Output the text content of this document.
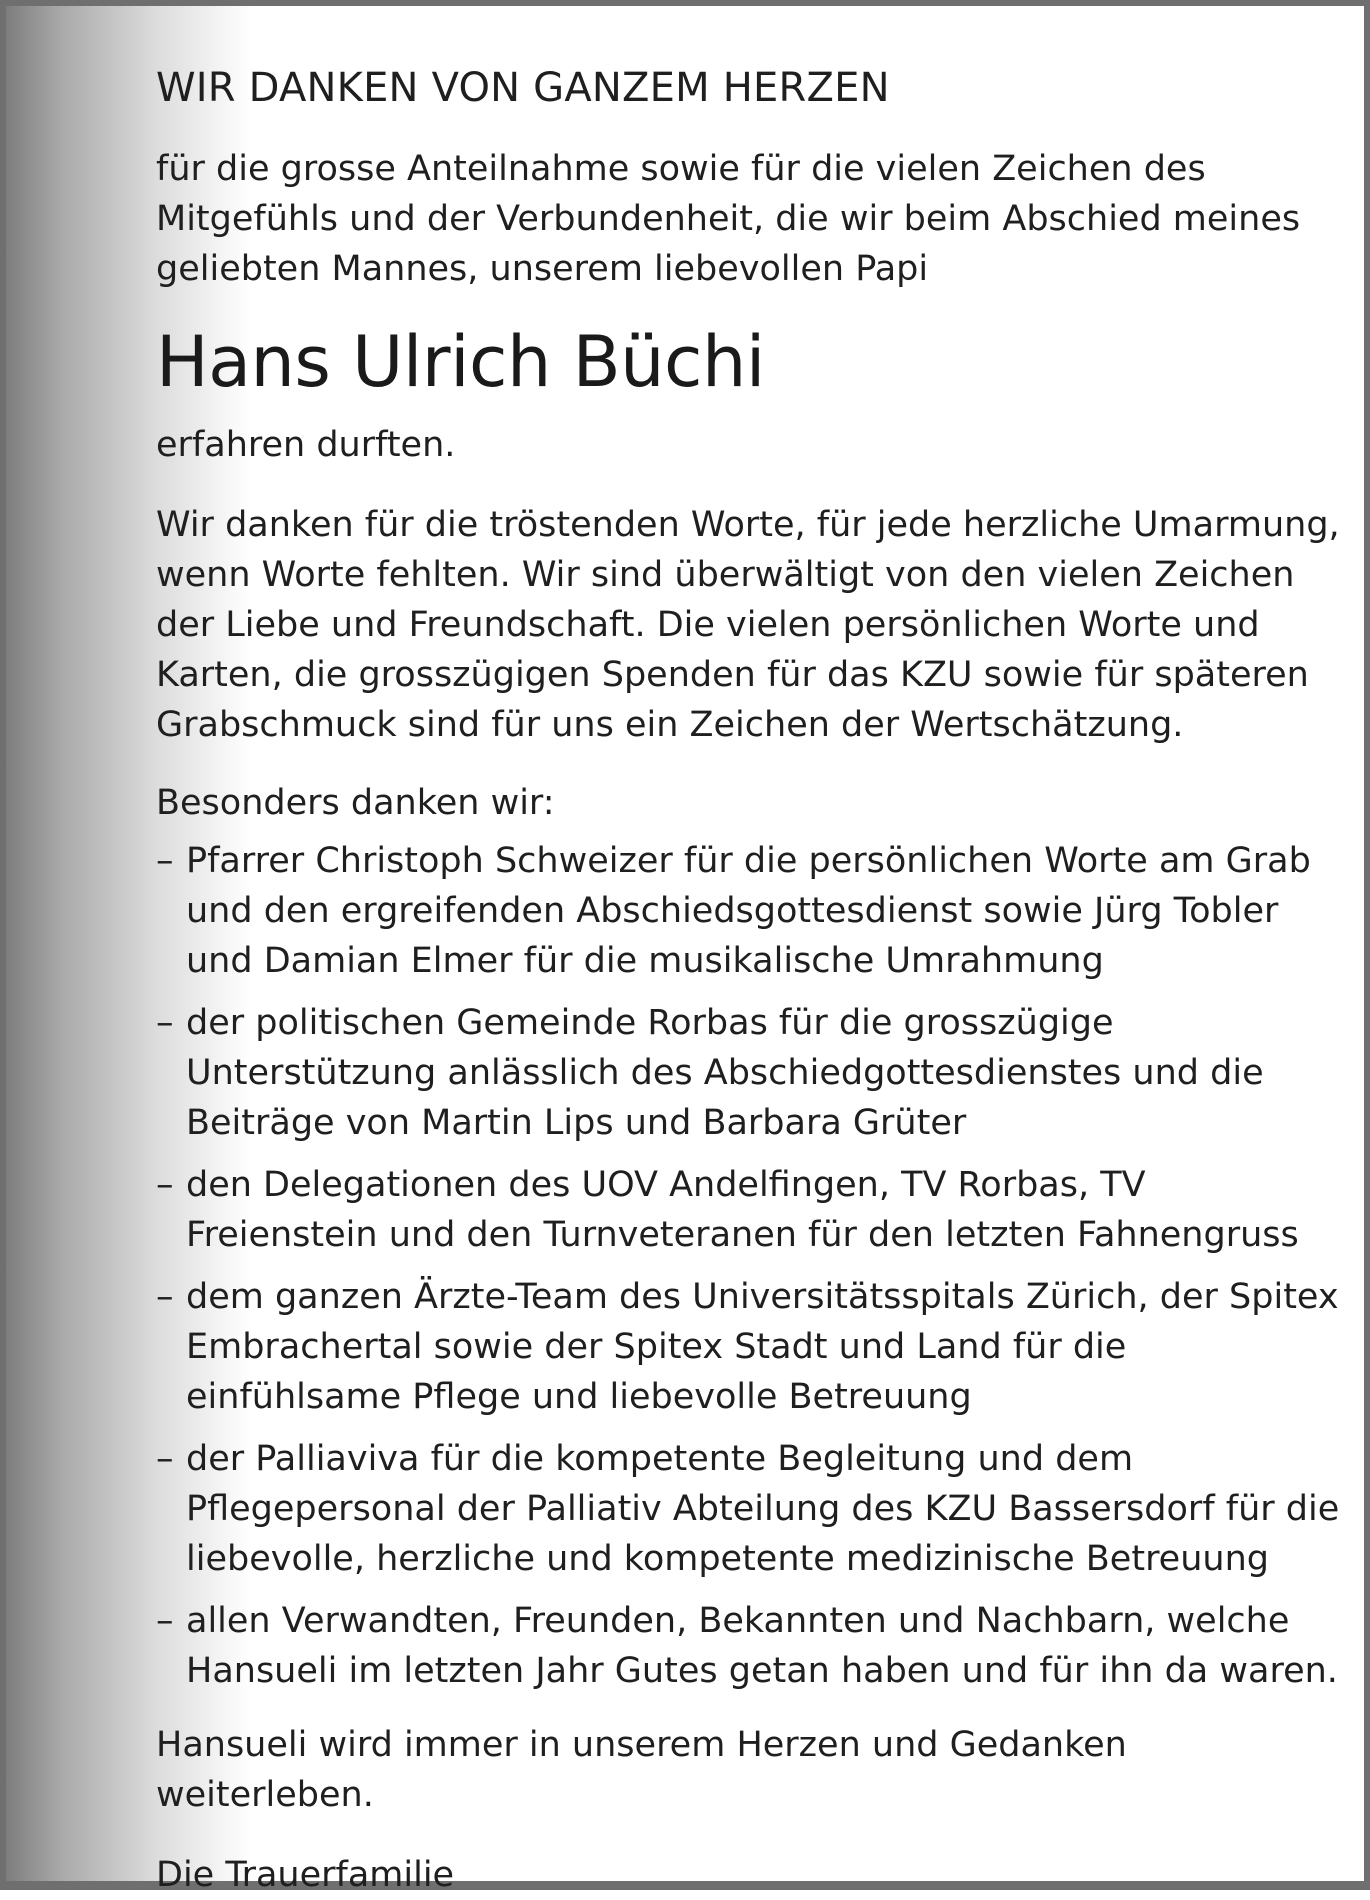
WIR DANKEN VON GANZEM HERZEN

für die grosse Anteilnahme sowie für die vielen Zeichen des Mitgefühls und der Verbundenheit, die wir beim Abschied meines geliebten Mannes, unserem liebevollen Papi

Hans Ulrich Büchi

erfahren durften.

Wir danken für die tröstenden Worte, für jede herzliche Umarmung, wenn Worte fehlten. Wir sind überwältigt von den vielen Zeichen der Liebe und Freundschaft. Die vielen persönlichen Worte und Karten, die grosszügigen Spenden für das KZU sowie für späteren Grabschmuck sind für uns ein Zeichen der Wertschätzung.

Besonders danken wir:

– Pfarrer Christoph Schweizer für die persönlichen Worte am Grab und den ergreifenden Abschiedsgottesdienst sowie Jürg Tobler und Damian Elmer für die musikalische Umrahmung
– der politischen Gemeinde Rorbas für die grosszügige Unterstützung anlässlich des Abschiedgottesdienstes und die Beiträge von Martin Lips und Barbara Grüter
– den Delegationen des UOV Andelfingen, TV Rorbas, TV Freienstein und den Turnveteranen für den letzten Fahnengruss
– dem ganzen Ärzte-Team des Universitätsspitals Zürich, der Spitex Embrachertal sowie der Spitex Stadt und Land für die einfühlsame Pflege und liebevolle Betreuung
– der Palliaviva für die kompetente Begleitung und dem Pflegepersonal der Palliativ Abteilung des KZU Bassersdorf für die liebevolle, herzliche und kompetente medizinische Betreuung
– allen Verwandten, Freunden, Bekannten und Nachbarn, welche Hansueli im letzten Jahr Gutes getan haben und für ihn da waren.

Hansueli wird immer in unserem Herzen und Gedanken weiterleben.

Die Trauerfamilie
